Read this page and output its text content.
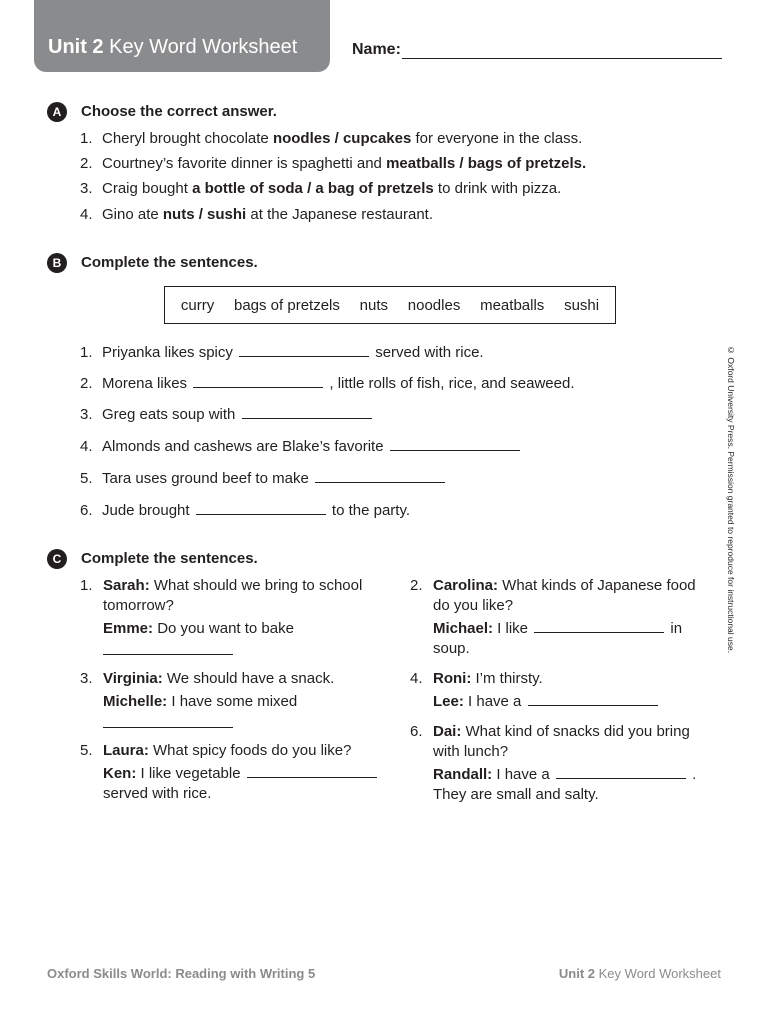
Unit 2 Key Word Worksheet	Name:
A	Choose the correct answer.
1. Cheryl brought chocolate noodles / cupcakes for everyone in the class.
2. Courtney’s favorite dinner is spaghetti and meatballs / bags of pretzels.
3. Craig bought a bottle of soda / a bag of pretzels to drink with pizza.
4. Gino ate nuts / sushi at the Japanese restaurant.
B	Complete the sentences.
curry bags of pretzels nuts noodles meatballs sushi
1. Priyanka likes spicy	served with rice.
2. Morena likes	, little rolls of fish, rice, and seaweed.
3. Greg eats soup with
4. Almonds and cashews are Blake’s favorite
5. Tara uses ground beef to make
6. Jude brought	to the party.
C	Complete the sentences.
1. Sarah: What should we bring to school tomorrow?

Emme: Do you want to bake

2. Carolina: What kinds of Japanese food do you like?

Michael: I like	in soup.

3. Virginia: We should have a snack.

Michelle: I have some mixed

4. Roni: I’m thirsty.

Lee: I have a

5. Laura: What spicy foods do you like?

Ken: I like vegetable  served with rice.

6. Dai: What kind of snacks did you bring with lunch?

Randall: I have a	. They are small and salty.

© Oxford University Press. Permission granted to reproduce for instructional use.
Oxford Skills World: Reading with Writing 5	Unit 2 Key Word Worksheet
